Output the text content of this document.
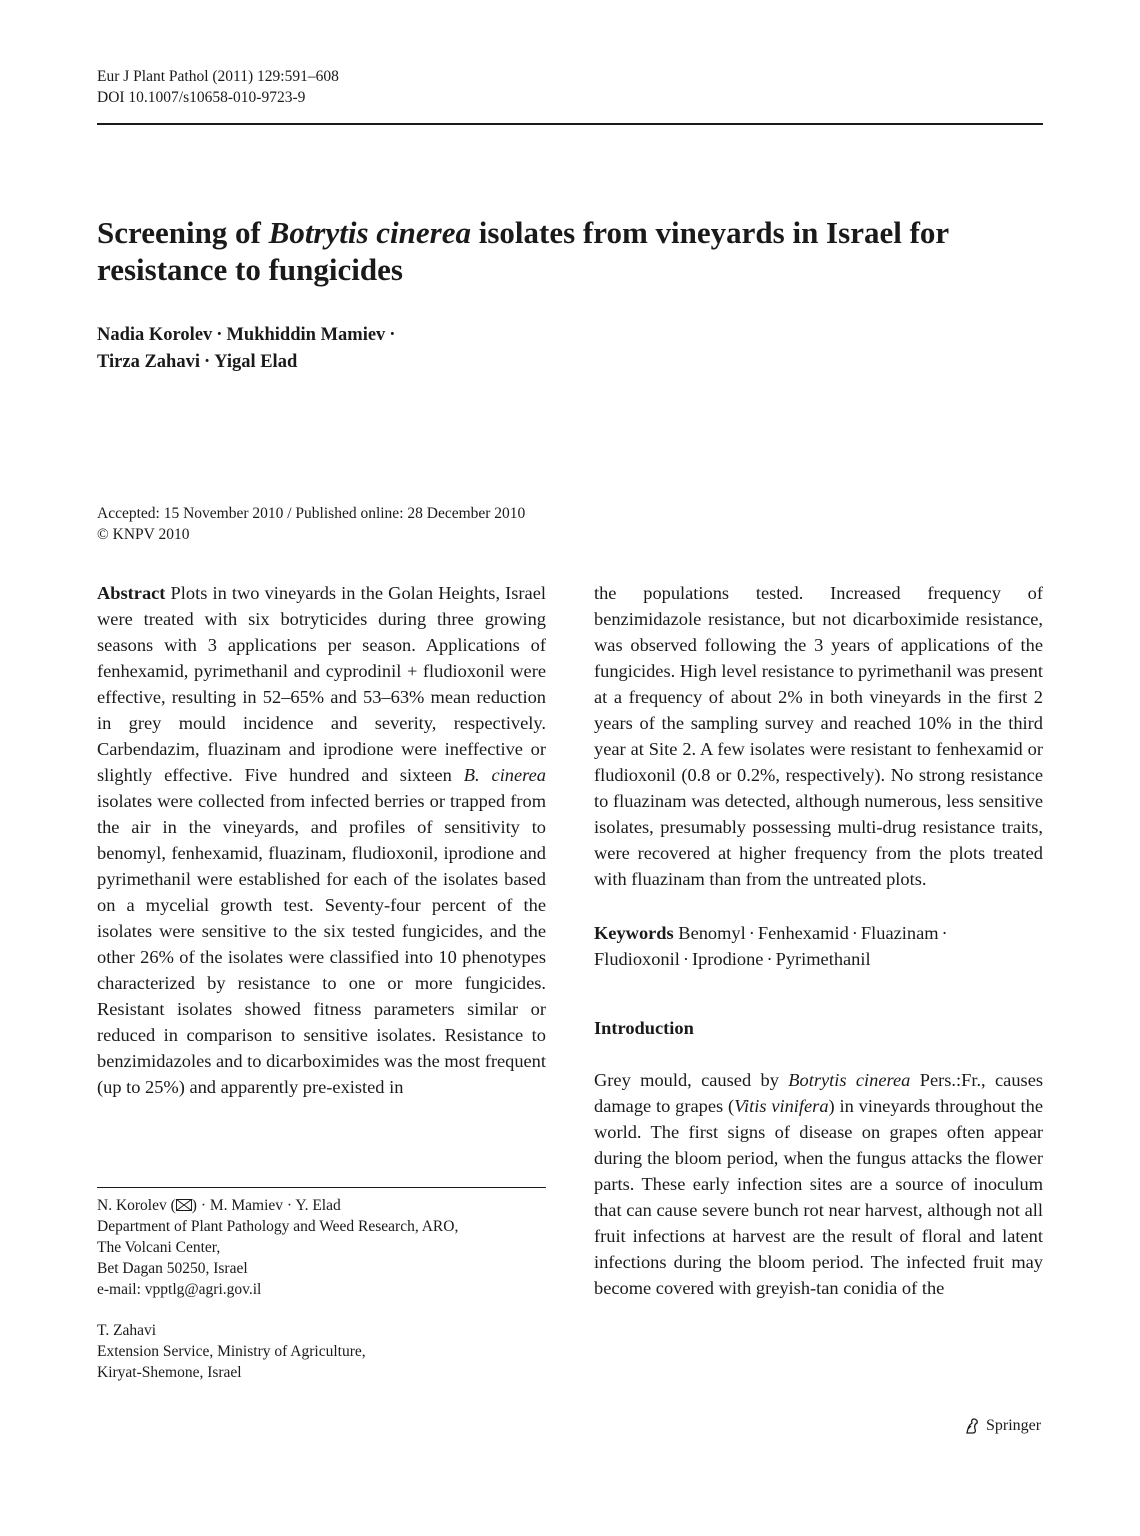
Eur J Plant Pathol (2011) 129:591–608
DOI 10.1007/s10658-010-9723-9
Screening of Botrytis cinerea isolates from vineyards in Israel for resistance to fungicides
Nadia Korolev · Mukhiddin Mamiev ·
Tirza Zahavi · Yigal Elad
Accepted: 15 November 2010 / Published online: 28 December 2010
© KNPV 2010

Abstract Plots in two vineyards in the Golan Heights, Israel were treated with six botryticides during three growing seasons with 3 applications per season. Applications of fenhexamid, pyrimethanil and cyprodinil + fludioxonil were effective, resulting in 52–65% and 53–63% mean reduction in grey mould incidence and severity, respectively. Carbendazim, fluazinam and iprodione were ineffective or slightly effective. Five hundred and sixteen B. cinerea isolates were collected from infected berries or trapped from the air in the vineyards, and profiles of sensitivity to benomyl, fenhexamid, fluazinam, fludioxonil, iprodione and pyrimethanil were established for each of the isolates based on a mycelial growth test. Seventy-four percent of the isolates were sensitive to the six tested fungicides, and the other 26% of the isolates were classified into 10 phenotypes characterized by resistance to one or more fungicides. Resistant isolates showed fitness parameters similar or reduced in comparison to sensitive isolates. Resistance to benzimidazoles and to dicarboximides was the most frequent (up to 25%) and apparently pre-existed in

the populations tested. Increased frequency of benzimidazole resistance, but not dicarboximide resistance, was observed following the 3 years of applications of the fungicides. High level resistance to pyrimethanil was present at a frequency of about 2% in both vineyards in the first 2 years of the sampling survey and reached 10% in the third year at Site 2. A few isolates were resistant to fenhexamid or fludioxonil (0.8 or 0.2%, respectively). No strong resistance to fluazinam was detected, although numerous, less sensitive isolates, presumably possessing multi-drug resistance traits, were recovered at higher frequency from the plots treated with fluazinam than from the untreated plots.

Keywords Benomyl · Fenhexamid · Fluazinam ·
Fludioxonil · Iprodione · Pyrimethanil

Introduction

Grey mould, caused by Botrytis cinerea Pers.:Fr., causes damage to grapes (Vitis vinifera) in vineyards throughout the world. The first signs of disease on grapes often appear during the bloom period, when the fungus attacks the flower parts. These early infection sites are a source of inoculum that can cause severe bunch rot near harvest, although not all fruit infections at harvest are the result of floral and latent infections during the bloom period. The infected fruit may become covered with greyish-tan conidia of the

N. Korolev ( ) · M. Mamiev · Y. Elad
Department of Plant Pathology and Weed Research, ARO,
The Volcani Center,
Bet Dagan 50250, Israel
e-mail: vpptlg@agri.gov.il
T. Zahavi
Extension Service, Ministry of Agriculture,
Kiryat-Shemone, Israel
Springer
